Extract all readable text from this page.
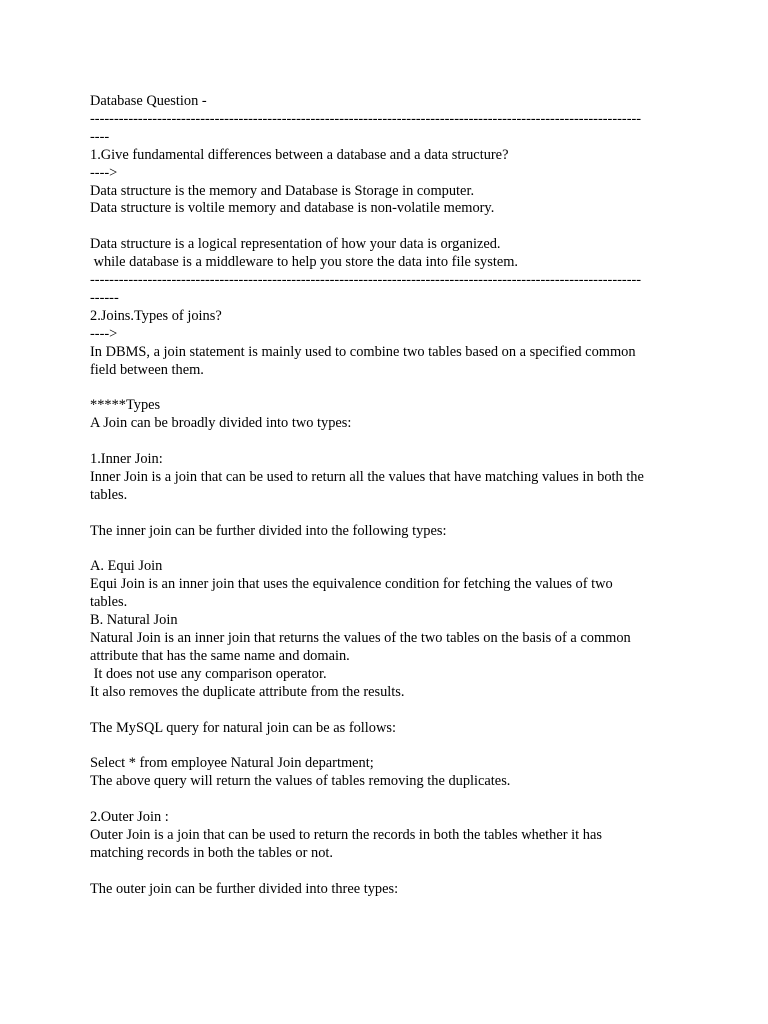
Database Question -
-------------------------------------------------------------------------------------------------------------------
----
1.Give fundamental differences between a database and a data structure?
---->
Data structure is the memory and Database is Storage in computer.
Data structure is voltile memory and database is non-volatile memory.
Data structure is a logical representation of how your data is organized.
while database is a middleware to help you store the data into file system.
-------------------------------------------------------------------------------------------------------------------
------
2.Joins.Types of joins?
---->
In DBMS, a join statement is mainly used to combine two tables based on a specified common
field between them.
*****Types
A Join can be broadly divided into two types:
1.Inner Join:
Inner Join is a join that can be used to return all the values that have matching values in both the
tables.
The inner join can be further divided into the following types:
A. Equi Join
Equi Join is an inner join that uses the equivalence condition for fetching the values of two
tables.
B. Natural Join
Natural Join is an inner join that returns the values of the two tables on the basis of a common
attribute that has the same name and domain.
It does not use any comparison operator.
It also removes the duplicate attribute from the results.
The MySQL query for natural join can be as follows:
Select * from employee Natural Join department;
The above query will return the values of tables removing the duplicates.
2.Outer Join :
Outer Join is a join that can be used to return the records in both the tables whether it has
matching records in both the tables or not.
The outer join can be further divided into three types:
